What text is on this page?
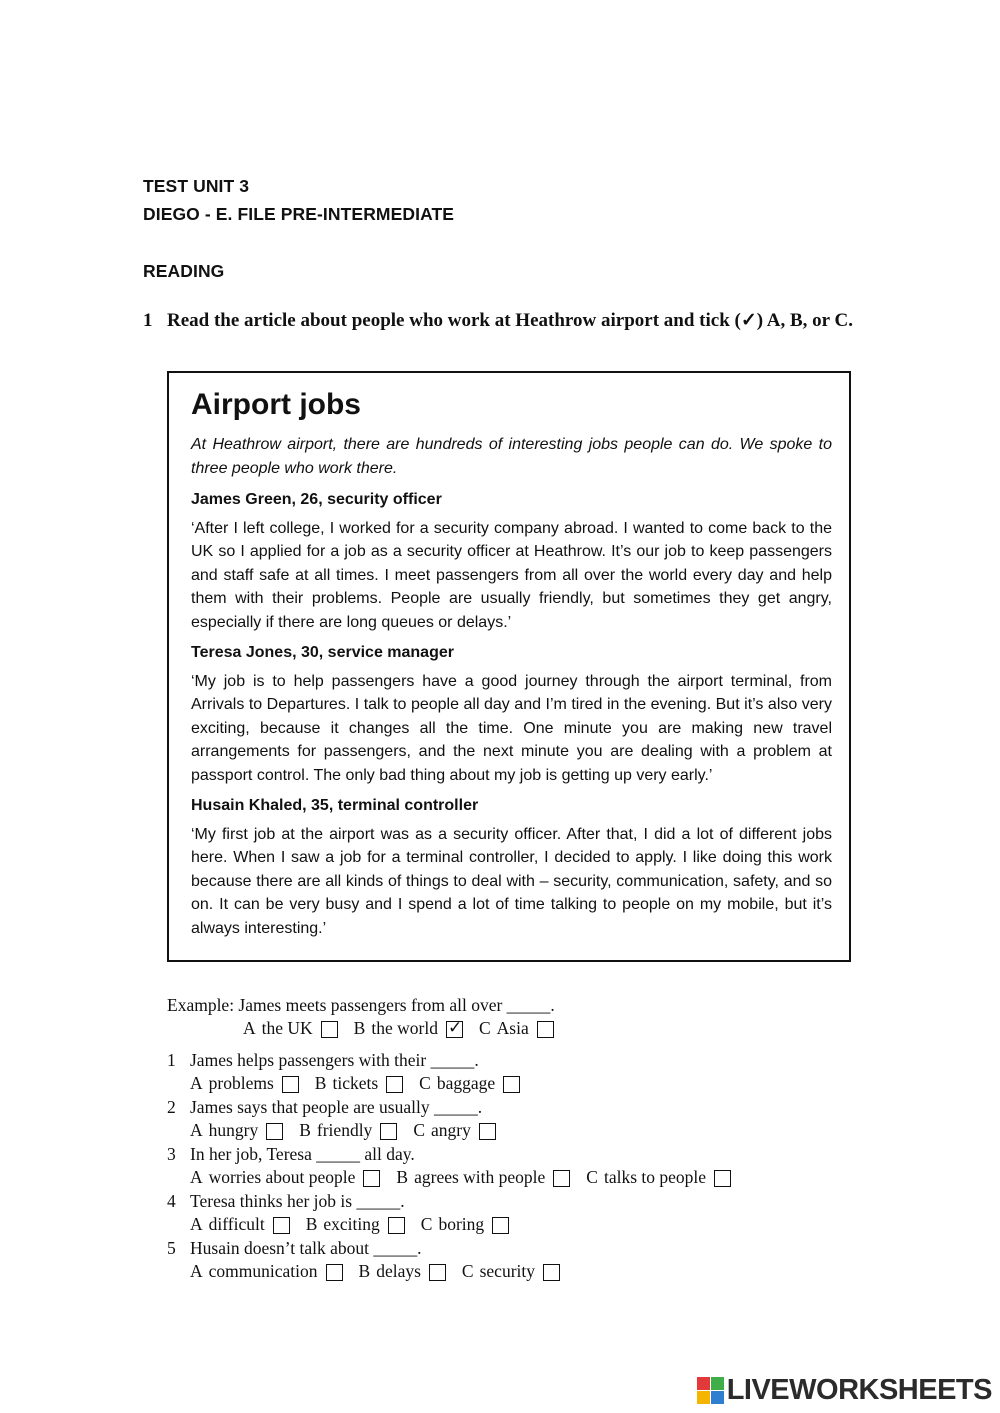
TEST UNIT 3
DIEGO - E. FILE PRE-INTERMEDIATE
READING
1 Read the article about people who work at Heathrow airport and tick (✓) A, B, or C.
Airport jobs
At Heathrow airport, there are hundreds of interesting jobs people can do. We spoke to three people who work there.
James Green, 26, security officer
‘After I left college, I worked for a security company abroad. I wanted to come back to the UK so I applied for a job as a security officer at Heathrow. It’s our job to keep passengers and staff safe at all times. I meet passengers from all over the world every day and help them with their problems. People are usually friendly, but sometimes they get angry, especially if there are long queues or delays.’
Teresa Jones, 30, service manager
‘My job is to help passengers have a good journey through the airport terminal, from Arrivals to Departures. I talk to people all day and I’m tired in the evening. But it’s also very exciting, because it changes all the time. One minute you are making new travel arrangements for passengers, and the next minute you are dealing with a problem at passport control. The only bad thing about my job is getting up very early.’
Husain Khaled, 35, terminal controller
‘My first job at the airport was as a security officer. After that, I did a lot of different jobs here. When I saw a job for a terminal controller, I decided to apply. I like doing this work because there are all kinds of things to deal with – security, communication, safety, and so on. It can be very busy and I spend a lot of time talking to people on my mobile, but it’s always interesting.’
Example: James meets passengers from all over _____.
A the UK B the world
✓ C Asia
1 James helps passengers with their _____.
A problems B tickets C baggage
2 James says that people are usually _____.
A hungry B friendly C angry
3 In her job, Teresa _____ all day.
A worries about people B agrees with people C talks to people
4 Teresa thinks her job is _____.
A difficult B exciting C boring
5 Husain doesn’t talk about _____.
A communication B delays C security
LIVEWORKSHEETS
